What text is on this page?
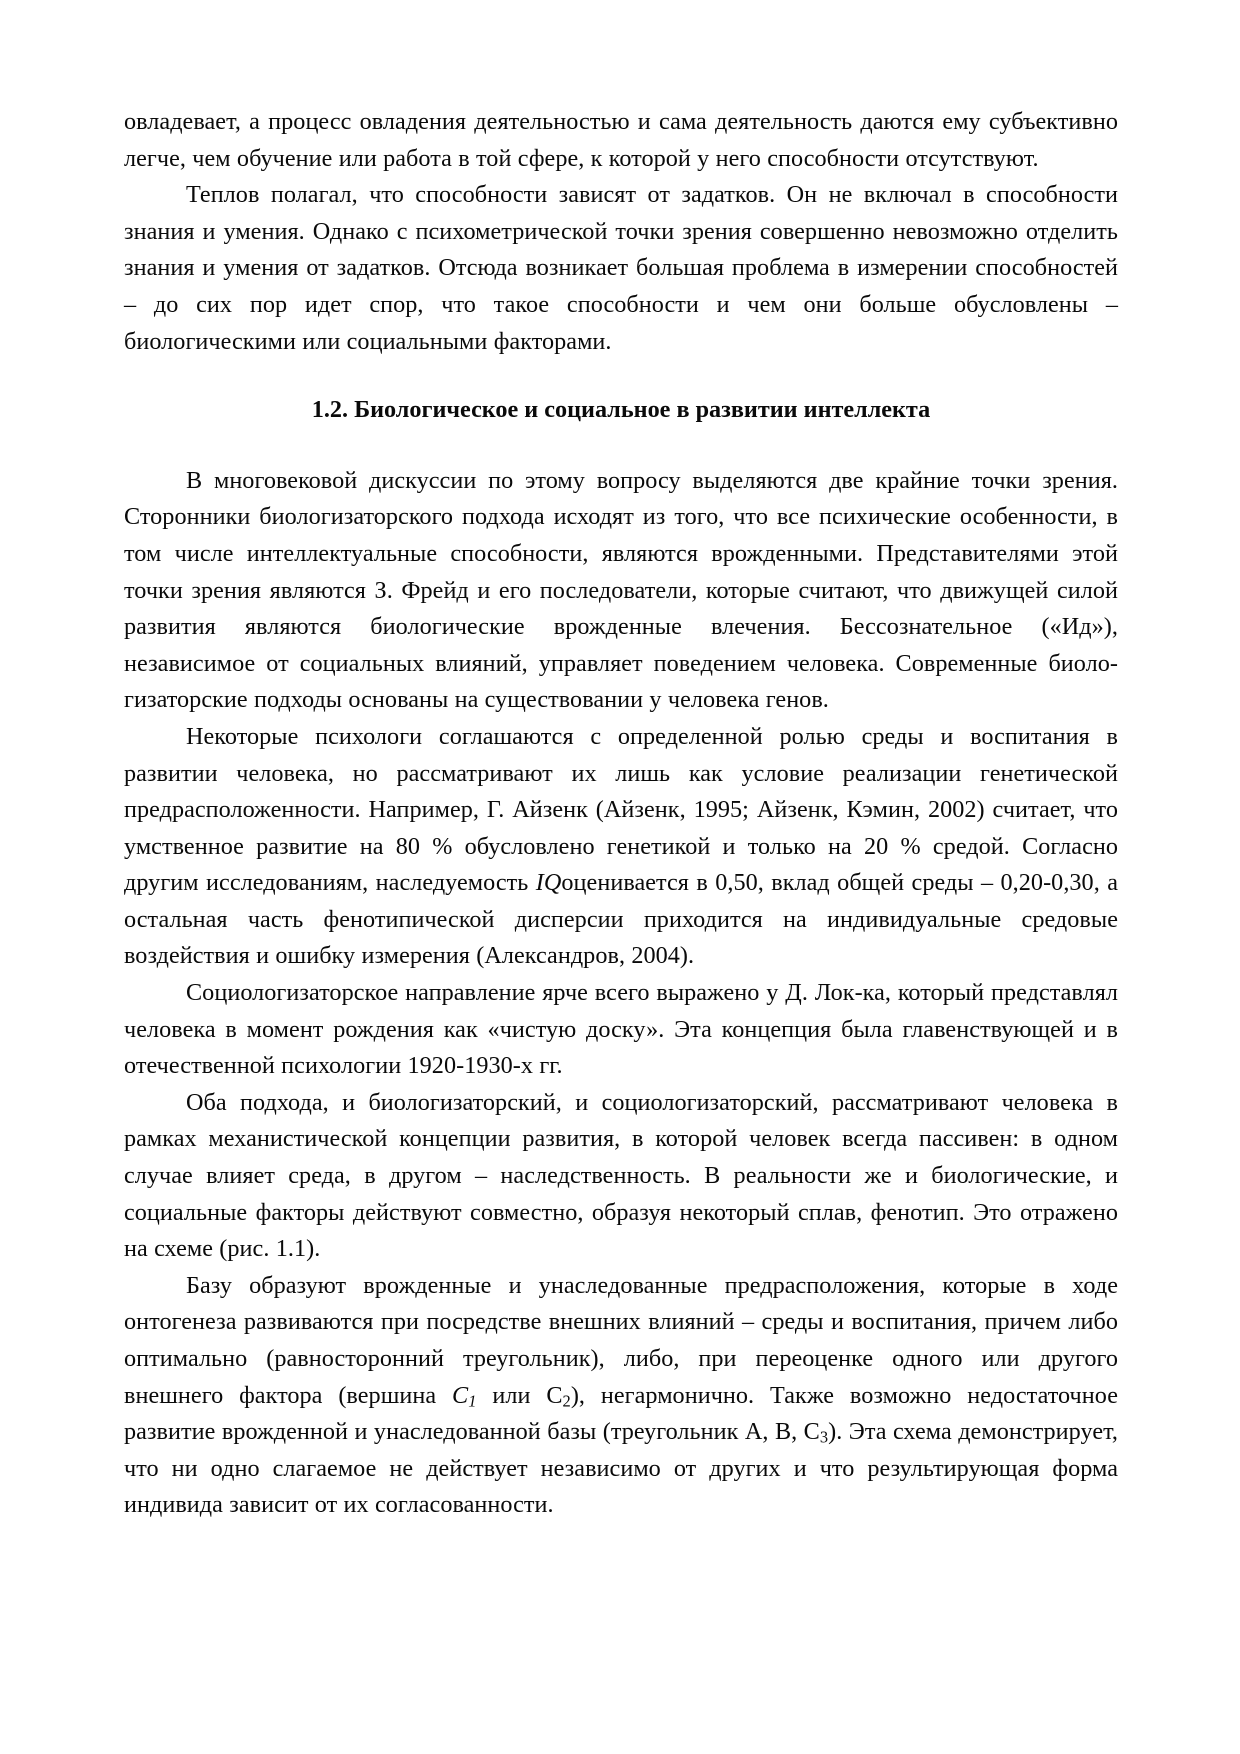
овладевает, а процесс овладения деятельностью и сама деятельность даются ему субъективно легче, чем обучение или работа в той сфере, к которой у него способности отсутствуют.

Теплов полагал, что способности зависят от задатков. Он не включал в способности знания и умения. Однако с психометрической точки зрения совершенно невозможно отделить знания и умения от задатков. Отсюда возникает большая проблема в измерении способностей – до сих пор идет спор, что такое способности и чем они больше обусловлены – биологическими или социальными факторами.

1.2. Биологическое и социальное в развитии интеллекта

В многовековой дискуссии по этому вопросу выделяются две крайние точки зрения. Сторонники биологизаторского подхода исходят из того, что все психические особенности, в том числе интеллектуальные способности, являются врожденными. Представителями этой точки зрения являются З. Фрейд и его последователи, которые считают, что движущей силой развития являются биологические врожденные влечения. Бессознательное («Ид»), независимое от социальных влияний, управляет поведением человека. Современные биоло-гизаторские подходы основаны на существовании у человека генов.

Некоторые психологи соглашаются с определенной ролью среды и воспитания в развитии человека, но рассматривают их лишь как условие реализации генетической предрасположенности. Например, Г. Айзенк (Айзенк, 1995; Айзенк, Кэмин, 2002) считает, что умственное развитие на 80 % обусловлено генетикой и только на 20 % средой. Согласно другим исследованиям, наследуемость IQоценивается в 0,50, вклад общей среды – 0,20-0,30, а остальная часть фенотипической дисперсии приходится на индивидуальные средовые воздействия и ошибку измерения (Александров, 2004).

Социологизаторское направление ярче всего выражено у Д. Лок-ка, который представлял человека в момент рождения как «чистую доску». Эта концепция была главенствующей и в отечественной психологии 1920-1930-х гг.

Оба подхода, и биологизаторский, и социологизаторский, рассматривают человека в рамках механистической концепции развития, в которой человек всегда пассивен: в одном случае влияет среда, в другом – наследственность. В реальности же и биологические, и социальные факторы действуют совместно, образуя некоторый сплав, фенотип. Это отражено на схеме (рис. 1.1).

Базу образуют врожденные и унаследованные предрасположения, которые в ходе онтогенеза развиваются при посредстве внешних влияний – среды и воспитания, причем либо оптимально (равносторонний треугольник), либо, при переоценке одного или другого внешнего фактора (вершина $C_1$ или $C_2$), негармонично. Также возможно недостаточное развитие врожденной и унаследованной базы (треугольник А, В, $С_3$). Эта схема демонстрирует, что ни одно слагаемое не действует независимо от других и что результирующая форма индивида зависит от их согласованности.
